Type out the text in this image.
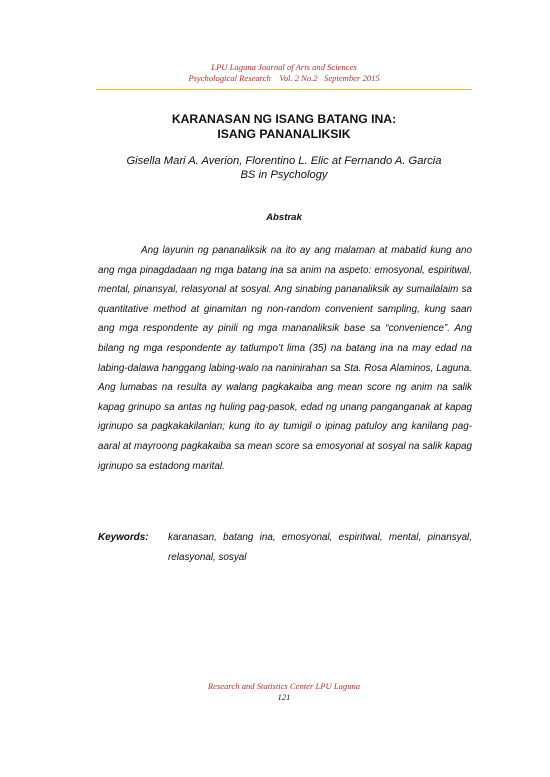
LPU Laguna Journal of Arts and Sciences
Psychological Research    Vol. 2 No.2   September 2015
KARANASAN NG ISANG BATANG INA:
ISANG PANANALIKSIK
Gisella Mari A. Averion, Florentino L. Elic at Fernando A. Garcia
BS in Psychology
Abstrak

Ang layunin ng pananaliksik na ito ay ang malaman at mabatid kung ano ang mga pinagdadaan ng mga batang ina sa anim na aspeto: emosyonal, espiritwal, mental, pinansyal, relasyonal at sosyal. Ang sinabing pananaliksik ay sumailalaim sa quantitative method at ginamitan ng non-random convenient sampling, kung saan ang mga respondente ay pinili ng mga mananaliksik base sa “convenience”. Ang bilang ng mga respondente ay tatlumpo’t lima (35) na batang ina na may edad na labing-dalawa hanggang labing-walo na naninirahan sa Sta. Rosa Alaminos, Laguna. Ang lumabas na resulta ay walang pagkakaiba ang mean score ng anim na salik kapag grinupo sa antas ng huling pag-pasok, edad ng unang panganganak at kapag igrinupo sa pagkakakilanlan; kung ito ay tumigil o ipinag patuloy ang kanilang pag-aaral at mayroong pagkakaiba sa mean score sa emosyonal at sosyal na salik kapag igrinupo sa estadong marital.

Keywords: karanasan, batang ina, emosyonal, espiritwal, mental, pinansyal, relasyonal, sosyal
Research and Statistics Center LPU Laguna
121
